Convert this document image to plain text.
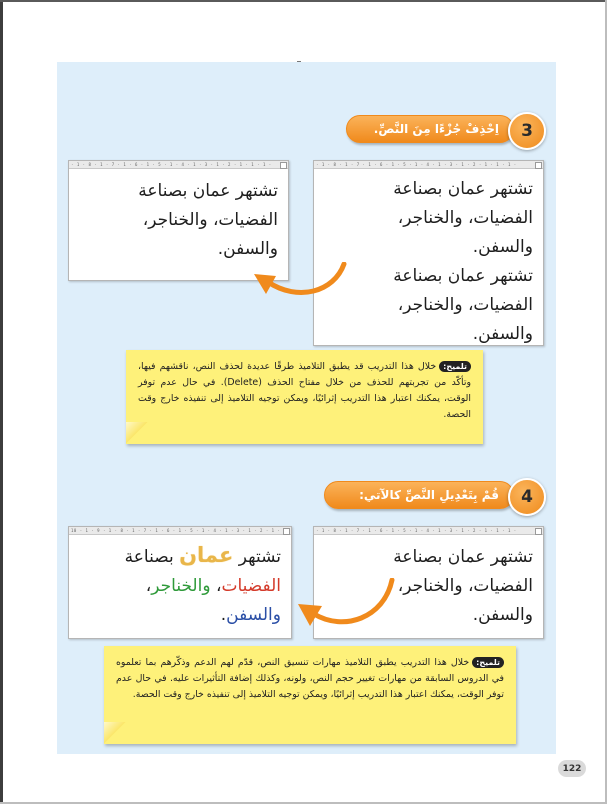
اِحْذِفْ جُزْءًا مِنَ النَّصِّ. 3
· 1 · 8 · 1 · 7 · 1 · 6 · 1 · 5 · 1 · 4 · 1 · 3 · 1 · 2 · 1 · 1 · 1 ·
تشتهر عمان بصناعة
الفضيات، والخناجر،
والسفن.
· 1 · 8 · 1 · 7 · 1 · 6 · 1 · 5 · 1 · 4 · 1 · 3 · 1 · 2 · 1 · 1 · 1 ·
تشتهر عمان بصناعة
الفضيات، والخناجر،
والسفن.
تشتهر عمان بصناعة
الفضيات، والخناجر،
والسفن.
تلميح:خلال هذا التدريب قد يطبق التلاميذ طرقًا عديدة لحذف النص، ناقشهم فيها، وتأكّد من تجربتهم للحذف من خلال مفتاح الحذف (Delete). في حال عدم توفر الوقت، يمكنك اعتبار هذا التدريب إثرائيًا، ويمكن توجيه التلاميذ إلى تنفيذه خارج وقت الحصة.
قُمْ بِتَعْدِيلِ النَّصِّ كالآتي: 4
10 · 1 · 9 · 1 · 8 · 1 · 7 · 1 · 6 · 1 · 5 · 1 · 4 · 1 · 3 · 1 · 2 · 1 ·
تشتهر عمان بصناعة
الفضيات، والخناجر،
والسفن.
· 1 · 8 · 1 · 7 · 1 · 6 · 1 · 5 · 1 · 4 · 1 · 3 · 1 · 2 · 1 · 1 · 1 ·
تشتهر عمان بصناعة
الفضيات، والخناجر،
والسفن.
تلميح:خلال هذا التدريب يطبق التلاميذ مهارات تنسيق النص، قدّم لهم الدعم وذكّرهم بما تعلموه في الدروس السابقة من مهارات تغيير حجم النص، ولونه، وكذلك إضافة التأثيرات عليه. في حال عدم توفر الوقت، يمكنك اعتبار هذا التدريب إثرائيًا، ويمكن توجيه التلاميذ إلى تنفيذه خارج وقت الحصة.
122
